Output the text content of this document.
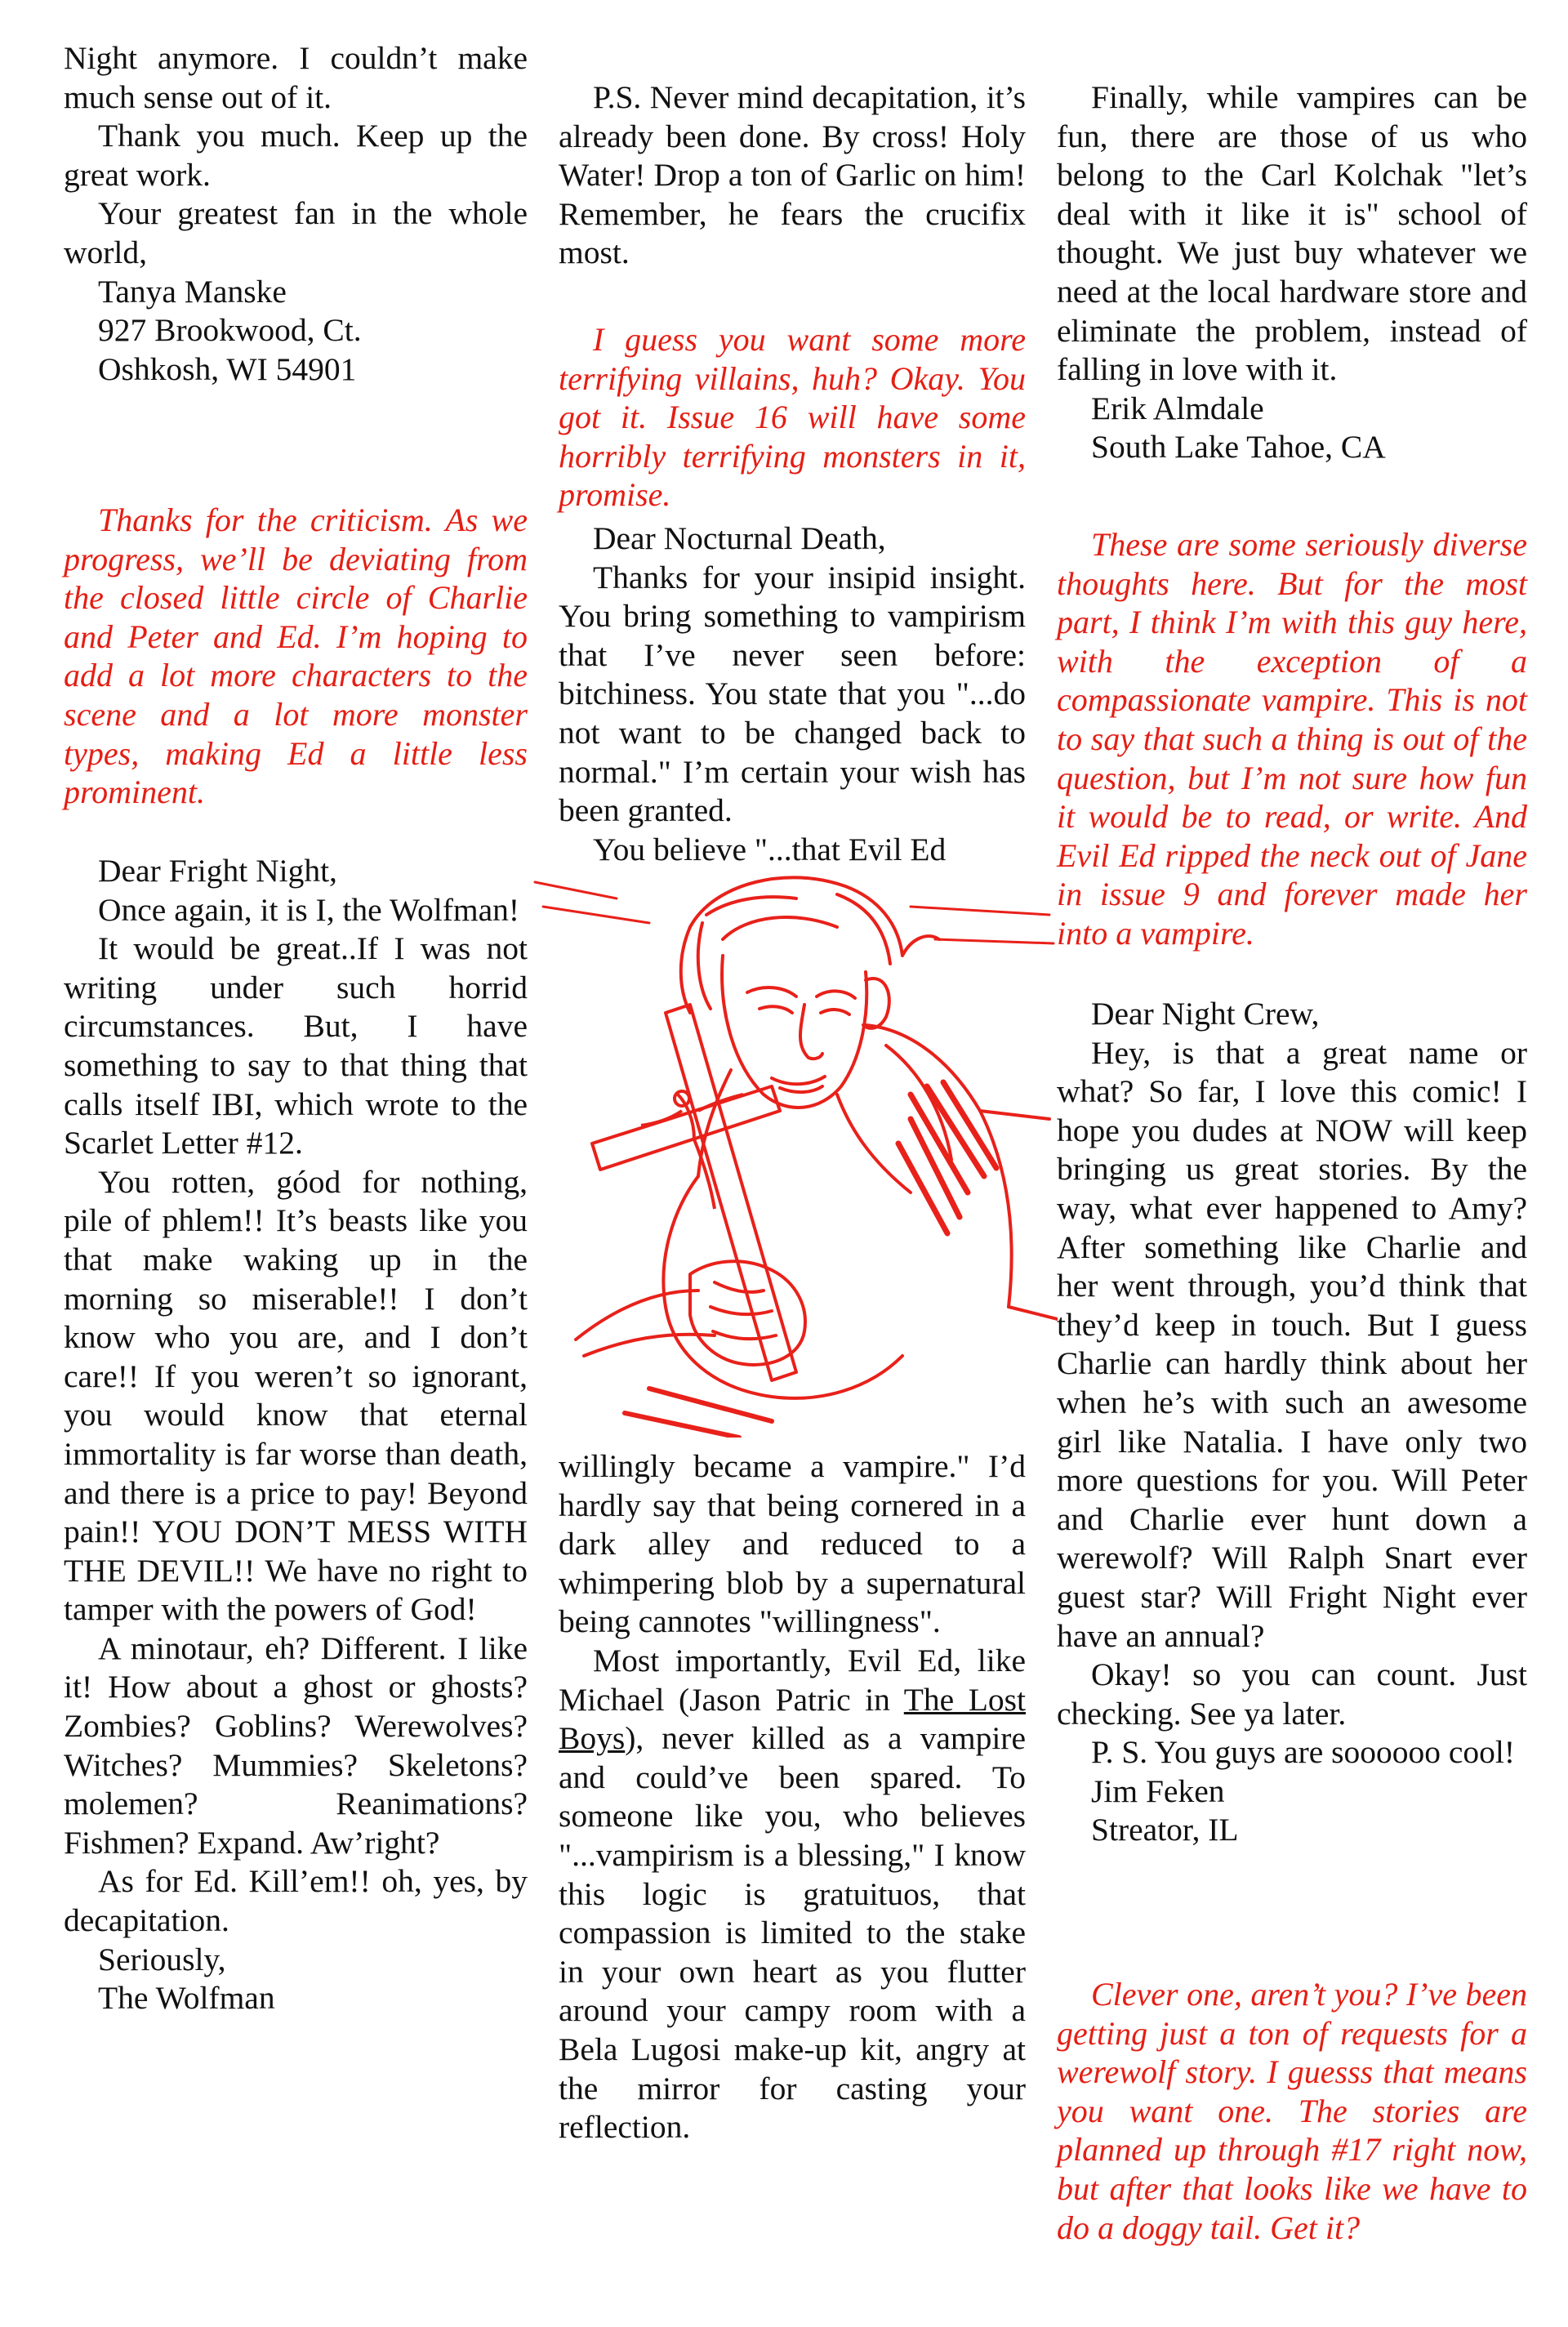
Night anymore. I couldn’t make much sense out of it.

Thank you much. Keep up the great work.

Your greatest fan in the whole world,

Tanya Manske

927 Brookwood, Ct.

Oshkosh, WI 54901

Thanks for the criticism. As we progress, we’ll be deviating from the closed little circle of Charlie and Peter and Ed. I’m hoping to add a lot more characters to the scene and a lot more monster types, making Ed a little less prominent.

Dear Fright Night,

Once again, it is I, the Wolfman!

It would be great..If I was not writing under such horrid circumstances. But, I have something to say to that thing that calls itself IBI, which wrote to the Scarlet Letter #12.

You rotten, góod for nothing, pile of phlem!! It’s beasts like you that make waking up in the morning so miserable!! I don’t know who you are, and I don’t care!! If you weren’t so ignorant, you would know that eternal immortality is far worse than death, and there is a price to pay! Beyond pain!! YOU DON’T MESS WITH THE DEVIL!! We have no right to tamper with the powers of God!

A minotaur, eh? Different. I like it! How about a ghost or ghosts? Zombies? Goblins? Werewolves? Witches? Mummies? Skeletons? molemen? Reanimations? Fishmen? Expand. Aw’right?

As for Ed. Kill’em!! oh, yes, by decapitation.

Seriously,

The Wolfman

P.S. Never mind decapitation, it’s already been done. By cross! Holy Water! Drop a ton of Garlic on him! Remember, he fears the crucifix most.

I guess you want some more terrifying villains, huh? Okay. You got it. Issue 16 will have some horribly terrifying monsters in it, promise.

Dear Nocturnal Death,

Thanks for your insipid insight. You bring something to vampirism that I’ve never seen before: bitchiness. You state that you "...do not want to be changed back to normal." I’m certain your wish has been granted.

You believe "...that Evil Ed

willingly became a vampire." I’d hardly say that being cornered in a dark alley and reduced to a whimpering blob by a supernatural being cannotes "willingness".

Most importantly, Evil Ed, like Michael (Jason Patric in The Lost Boys), never killed as a vampire and could’ve been spared. To someone like you, who believes "...vampirism is a blessing," I know this logic is gratuituos, that compassion is limited to the stake in your own heart as you flutter around your campy room with a Bela Lugosi make-up kit, angry at the mirror for casting your reflection.

Finally, while vampires can be fun, there are those of us who belong to the Carl Kolchak "let’s deal with it like it is" school of thought. We just buy whatever we need at the local hardware store and eliminate the problem, instead of falling in love with it.

Erik Almdale

South Lake Tahoe, CA

These are some seriously diverse thoughts here. But for the most part, I think I’m with this guy here, with the exception of a compassionate vampire. This is not to say that such a thing is out of the question, but I’m not sure how fun it would be to read, or write. And Evil Ed ripped the neck out of Jane in issue 9 and forever made her into a vampire.

Dear Night Crew,

Hey, is that a great name or what? So far, I love this comic! I hope you dudes at NOW will keep bringing us great stories. By the way, what ever happened to Amy? After something like Charlie and her went through, you’d think that they’d keep in touch. But I guess Charlie can hardly think about her when he’s with such an awesome girl like Natalia. I have only two more questions for you. Will Peter and Charlie ever hunt down a werewolf? Will Ralph Snart ever guest star? Will Fright Night ever have an annual?

Okay! so you can count. Just checking. See ya later.

P. S. You guys are soooooo cool!

Jim Feken

Streator, IL

Clever one, aren’t you? I’ve been getting just a ton of requests for a werewolf story. I guesss that means you want one. The stories are planned up through #17 right now, but after that looks like we have to do a doggy tail. Get it?
